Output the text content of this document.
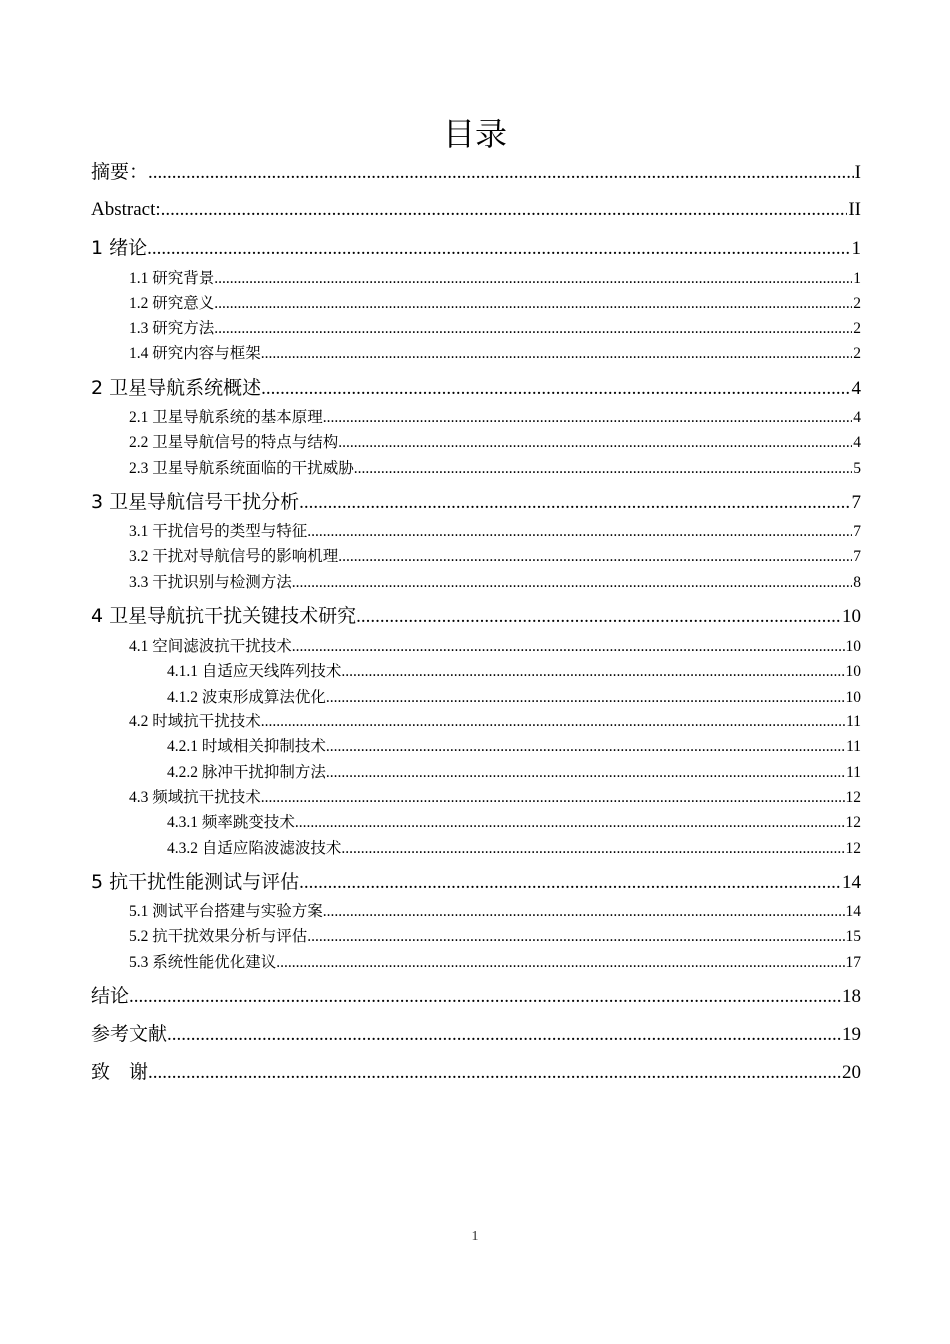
目录
摘要： .....	I
Abstract: .....	II
1 绪论 .....	1
1.1 研究背景 .....	1
1.2 研究意义 .....	2
1.3 研究方法 .....	2
1.4 研究内容与框架 .....	2
2 卫星导航系统概述 .....	4
2.1 卫星导航系统的基本原理 .....	4
2.2 卫星导航信号的特点与结构 .....	4
2.3 卫星导航系统面临的干扰威胁 .....	5
3 卫星导航信号干扰分析 .....	7
3.1 干扰信号的类型与特征 .....	7
3.2 干扰对导航信号的影响机理 .....	7
3.3 干扰识别与检测方法 .....	8
4 卫星导航抗干扰关键技术研究 .....	10
4.1 空间滤波抗干扰技术 .....	10
4.1.1 自适应天线阵列技术 .....	10
4.1.2 波束形成算法优化 .....	10
4.2 时域抗干扰技术 .....	11
4.2.1 时域相关抑制技术 .....	11
4.2.2 脉冲干扰抑制方法 .....	11
4.3 频域抗干扰技术 .....	12
4.3.1 频率跳变技术 .....	12
4.3.2 自适应陷波滤波技术 .....	12
5 抗干扰性能测试与评估 .....	14
5.1 测试平台搭建与实验方案 .....	14
5.2 抗干扰效果分析与评估 .....	15
5.3 系统性能优化建议 .....	17
结论 .....	18
参考文献 .....	19
致　谢 .....	20
1
